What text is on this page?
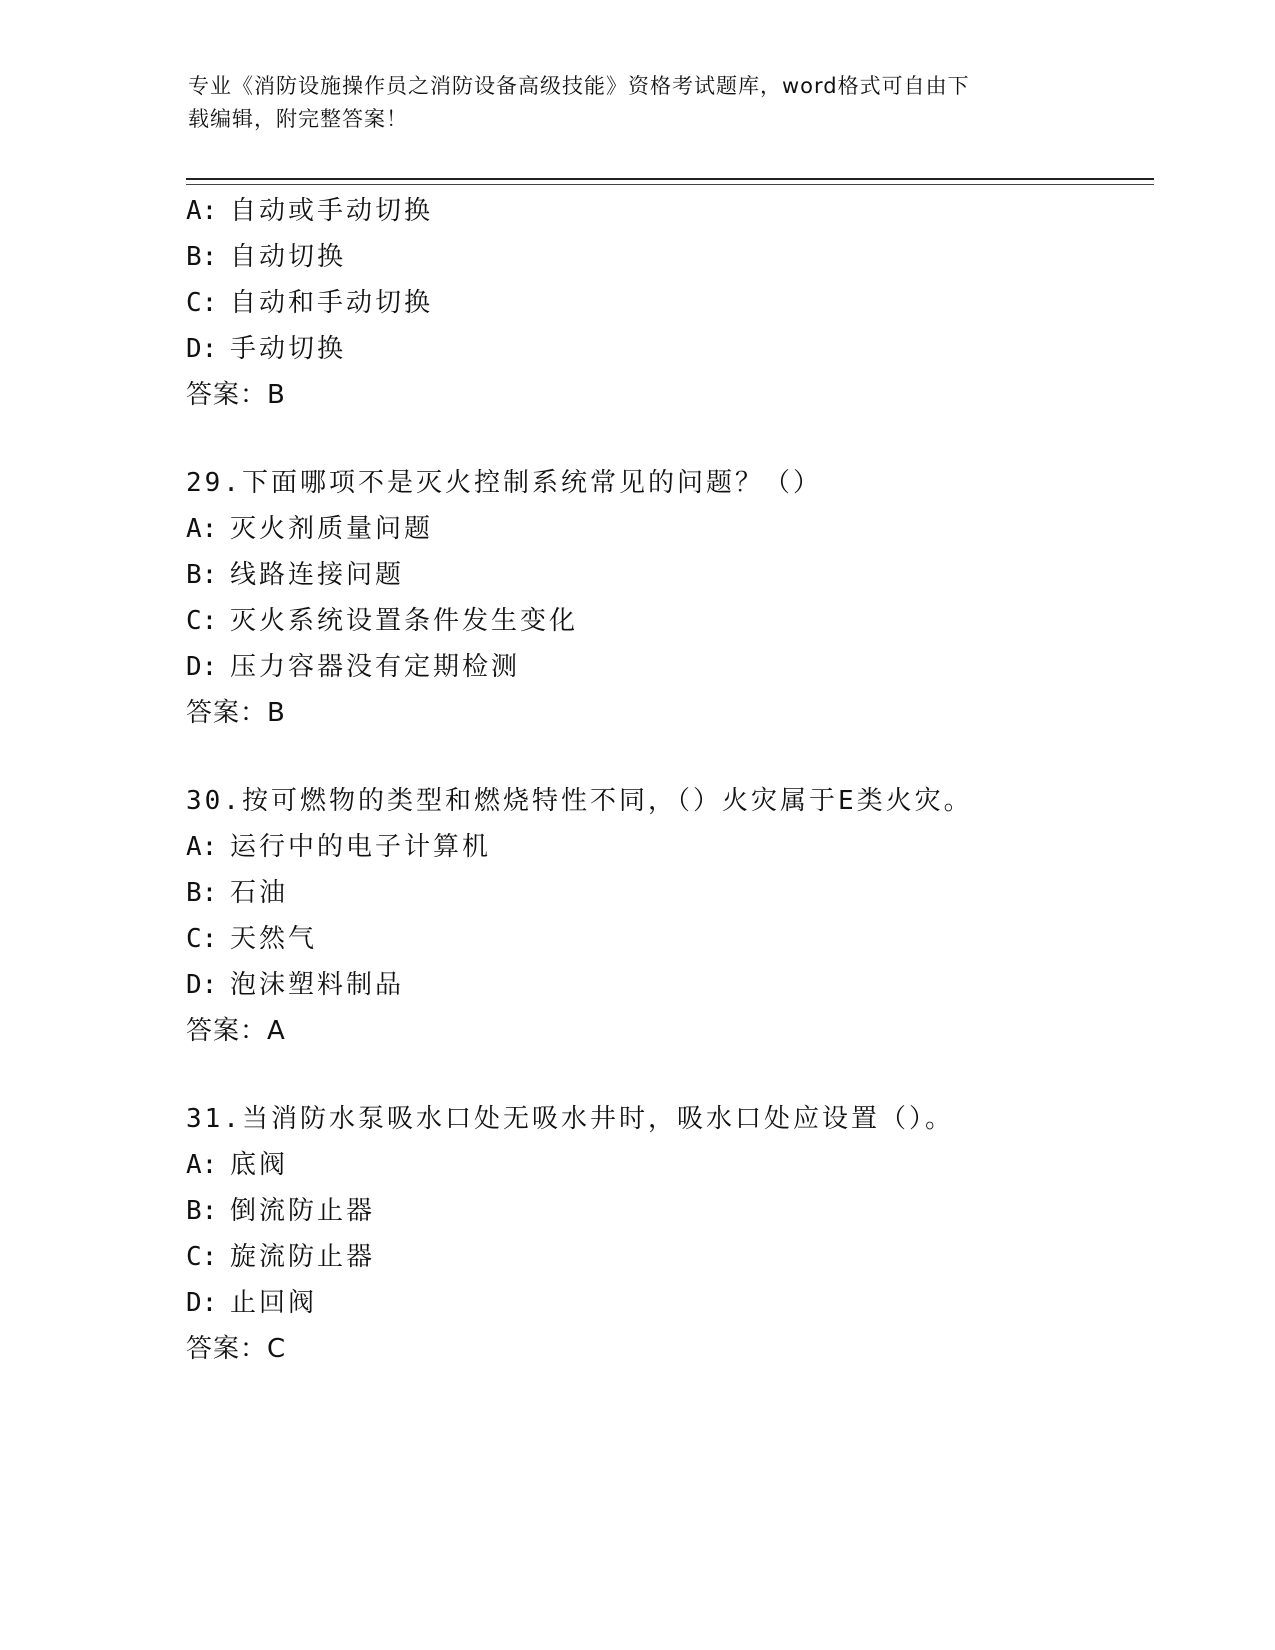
专业《消防设施操作员之消防设备高级技能》资格考试题库，word格式可自由下
载编辑，附完整答案！
A: 自动或手动切换
B: 自动切换
C: 自动和手动切换
D: 手动切换
答案：B
29.下面哪项不是灭火控制系统常见的问题？（）
A: 灭火剂质量问题
B: 线路连接问题
C: 灭火系统设置条件发生变化
D: 压力容器没有定期检测
答案：B
30.按可燃物的类型和燃烧特性不同，（）火灾属于E类火灾。
A: 运行中的电子计算机
B: 石油
C: 天然气
D: 泡沫塑料制品
答案：A
31.当消防水泵吸水口处无吸水井时，吸水口处应设置（）。
A: 底阀
B: 倒流防止器
C: 旋流防止器
D: 止回阀
答案：C
